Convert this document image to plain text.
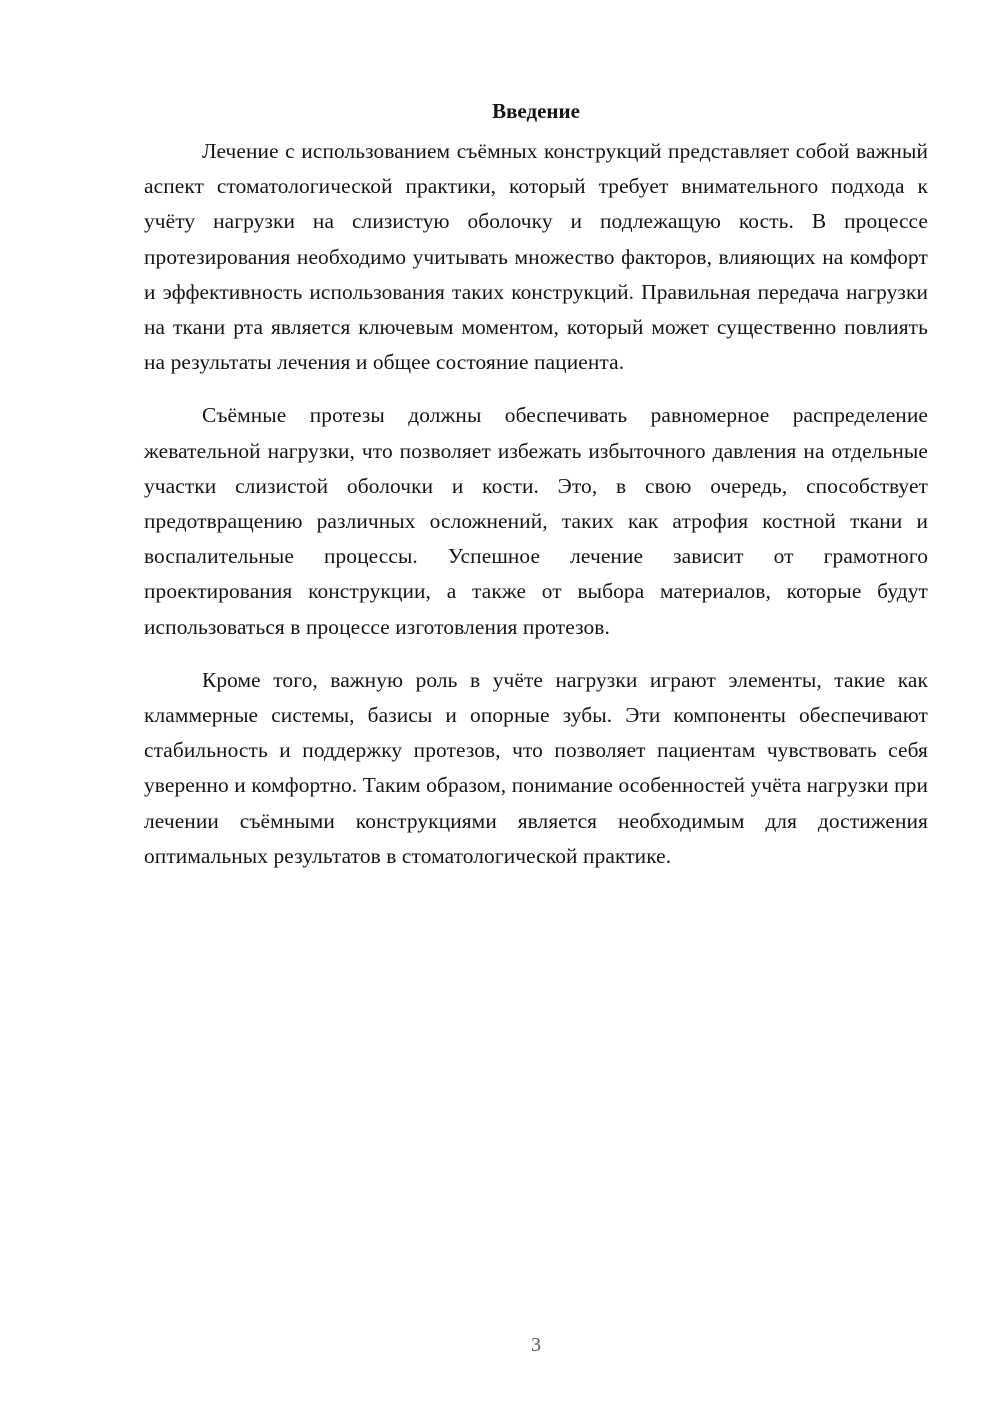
Введение

Лечение с использованием съёмных конструкций представляет собой важный аспект стоматологической практики, который требует внимательного подхода к учёту нагрузки на слизистую оболочку и подлежащую кость. В процессе протезирования необходимо учитывать множество факторов, влияющих на комфорт и эффективность использования таких конструкций. Правильная передача нагрузки на ткани рта является ключевым моментом, который может существенно повлиять на результаты лечения и общее состояние пациента.

Съёмные протезы должны обеспечивать равномерное распределение жевательной нагрузки, что позволяет избежать избыточного давления на отдельные участки слизистой оболочки и кости. Это, в свою очередь, способствует предотвращению различных осложнений, таких как атрофия костной ткани и воспалительные процессы. Успешное лечение зависит от грамотного проектирования конструкции, а также от выбора материалов, которые будут использоваться в процессе изготовления протезов.

Кроме того, важную роль в учёте нагрузки играют элементы, такие как кламмерные системы, базисы и опорные зубы. Эти компоненты обеспечивают стабильность и поддержку протезов, что позволяет пациентам чувствовать себя уверенно и комфортно. Таким образом, понимание особенностей учёта нагрузки при лечении съёмными конструкциями является необходимым для достижения оптимальных результатов в стоматологической практике.

3
